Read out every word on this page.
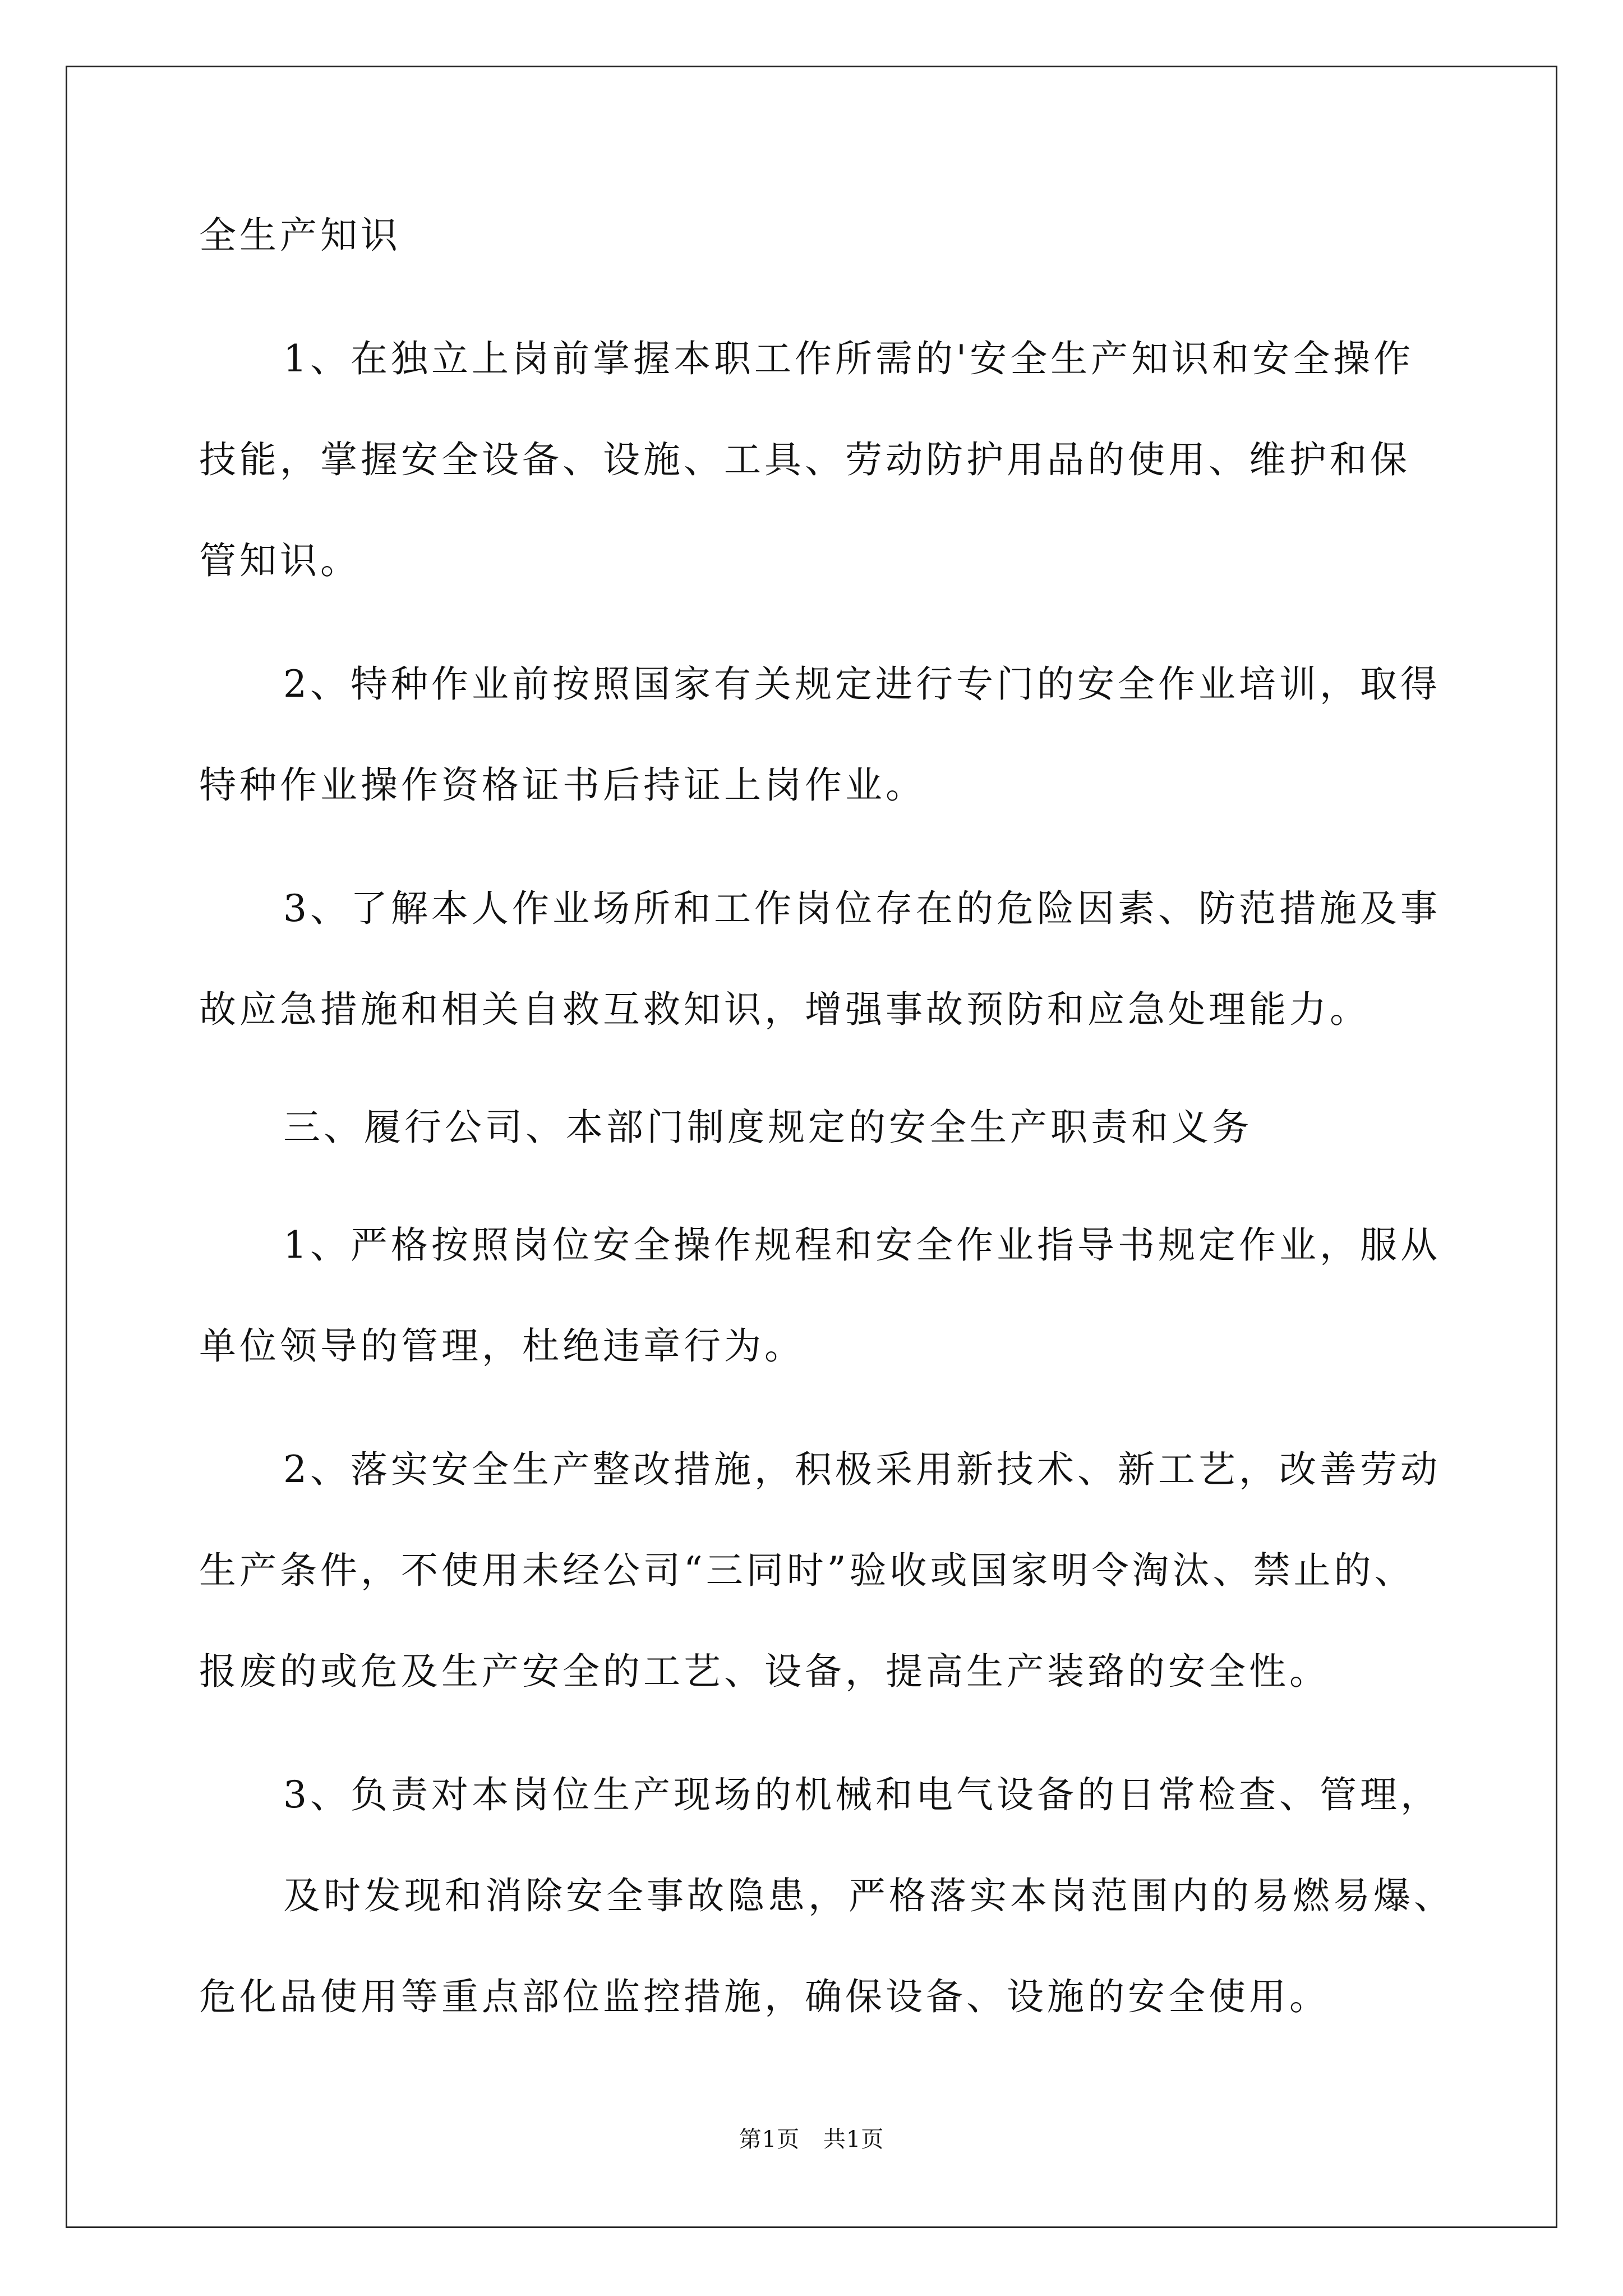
全生产知识
1、在独立上岗前掌握本职工作所需的'安全生产知识和安全操作
技能，掌握安全设备、设施、工具、劳动防护用品的使用、维护和保
管知识。
2、特种作业前按照国家有关规定进行专门的安全作业培训，取得
特种作业操作资格证书后持证上岗作业。
3、了解本人作业场所和工作岗位存在的危险因素、防范措施及事
故应急措施和相关自救互救知识，增强事故预防和应急处理能力。
三、履行公司、本部门制度规定的安全生产职责和义务
1、严格按照岗位安全操作规程和安全作业指导书规定作业，服从
单位领导的管理，杜绝违章行为。
2、落实安全生产整改措施，积极采用新技术、新工艺，改善劳动
生产条件，不使用未经公司“三同时”验收或国家明令淘汰、禁止的、
报废的或危及生产安全的工艺、设备，提高生产装臵的安全性。
3、负责对本岗位生产现场的机械和电气设备的日常检查、管理，
及时发现和消除安全事故隐患，严格落实本岗范围内的易燃易爆、
危化品使用等重点部位监控措施，确保设备、设施的安全使用。
第1页 共1页
